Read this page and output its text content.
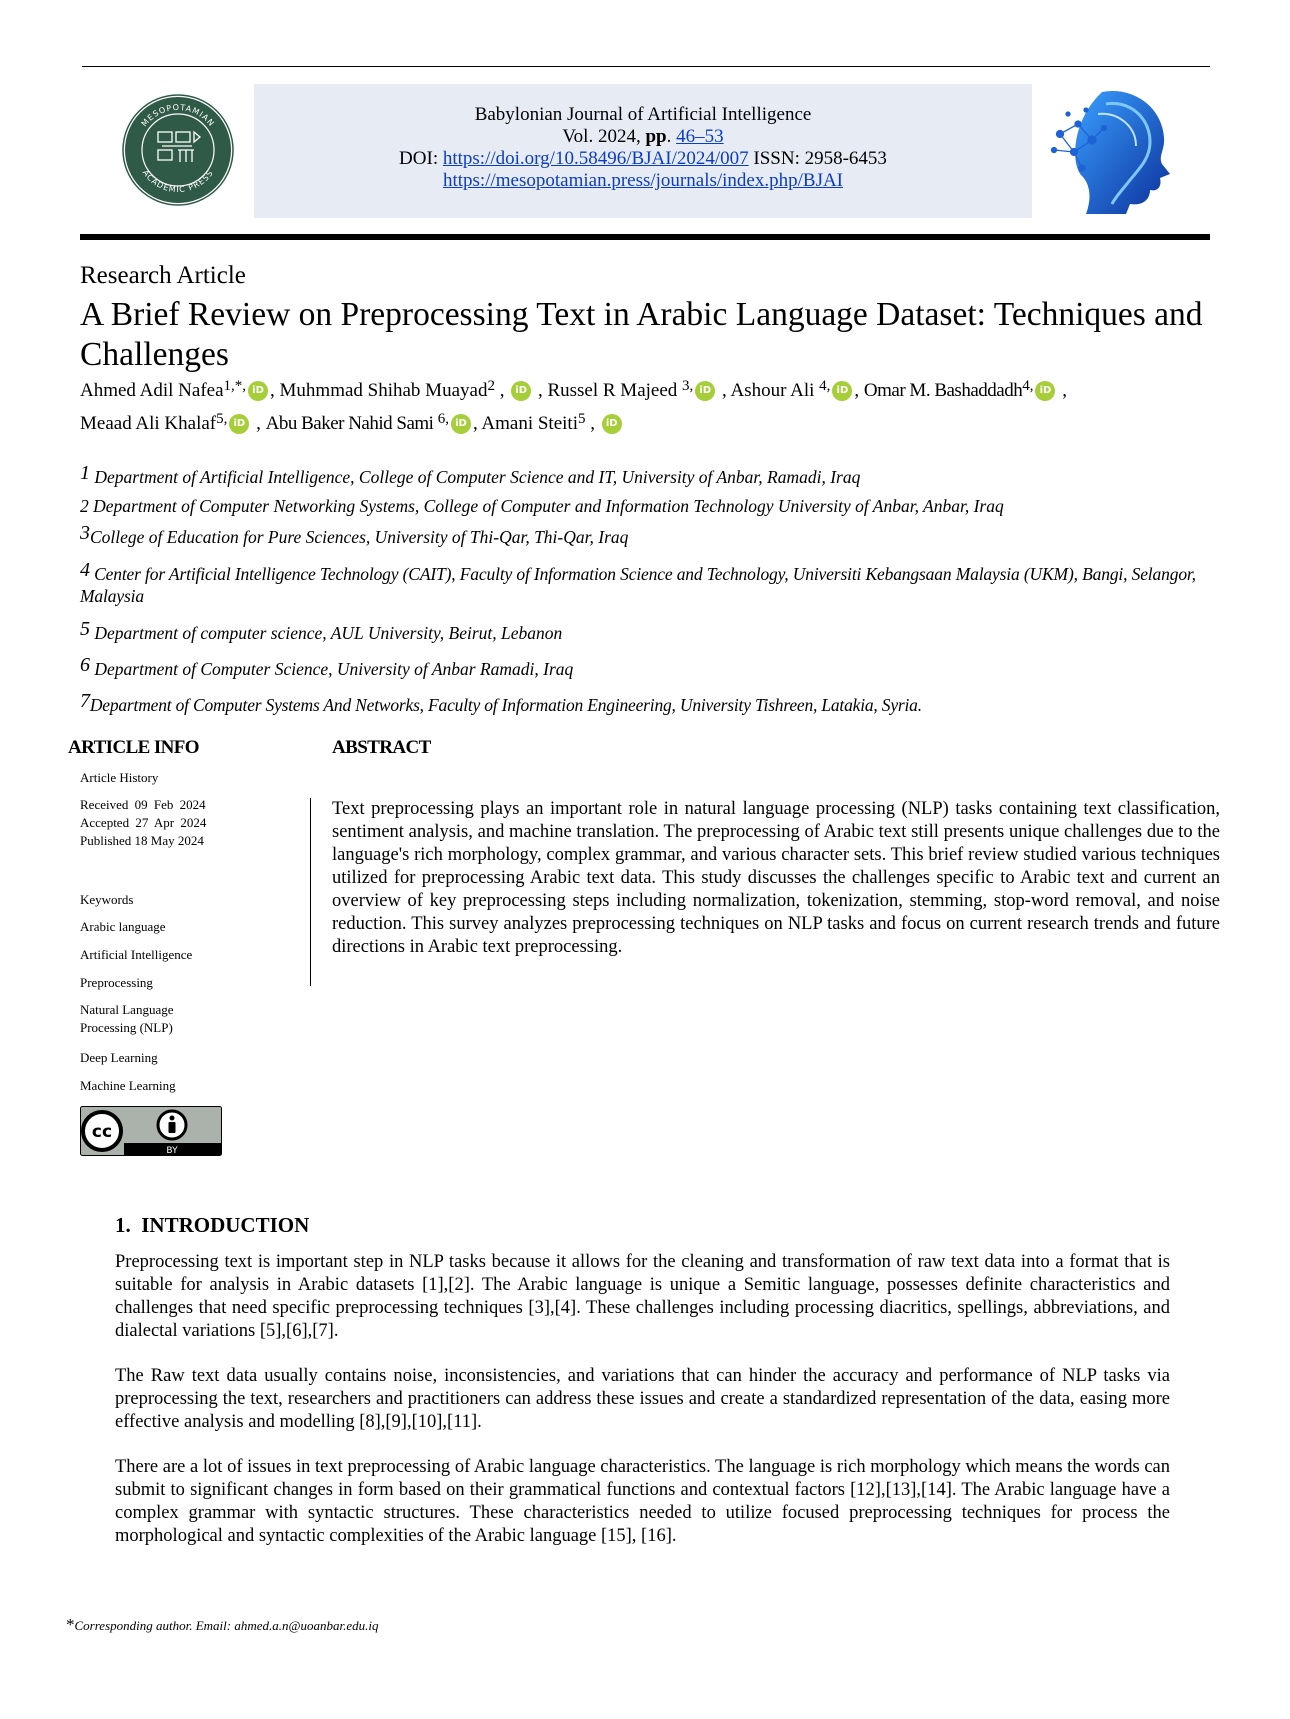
MESOPOTAMIAN
ACADEMIC PRESS
Babylonian Journal of Artificial Intelligence
Vol. 2024, pp. 46–53
DOI: https://doi.org/10.58496/BJAI/2024/007 ISSN: 2958-6453
https://mesopotamian.press/journals/index.php/BJAI
Research Article
A Brief Review on Preprocessing Text in Arabic Language Dataset: Techniques and Challenges
Ahmed Adil Nafea$^{1,*,}$ iD , Muhmmad Shihab Muayad$^2$ , iD , Russel R Majeed $^{3,}$ iD , Ashour Ali $^{4,}$ iD , Omar M. Bashaddadh$^{4,}$ iD ,
Meaad Ali Khalaf$^{5,}$ iD , Abu Baker Nahid Sami $^{6,}$ iD , Amani Steiti$^5$ , iD
$^1$ Department of Artificial Intelligence, College of Computer Science and IT, University of Anbar, Ramadi, Iraq
2 Department of Computer Networking Systems, College of Computer and Information Technology University of Anbar, Anbar, Iraq
$^3$College of Education for Pure Sciences, University of Thi-Qar, Thi-Qar, Iraq
$^4$ Center for Artificial Intelligence Technology (CAIT), Faculty of Information Science and Technology, Universiti Kebangsaan Malaysia (UKM), Bangi, Selangor, Malaysia
$^5$ Department of computer science, AUL University, Beirut, Lebanon
$^6$ Department of Computer Science, University of Anbar Ramadi, Iraq
$^7$Department of Computer Systems And Networks, Faculty of Information Engineering, University Tishreen, Latakia, Syria.
ARTICLE INFO
Article History
Received 09 Feb 2024
Accepted 27 Apr 2024
Published 18 May 2024
Keywords
Arabic language
Artificial Intelligence
Preprocessing
Natural Language Processing (NLP)
Deep Learning
Machine Learning
cc
BY
ABSTRACT
Text preprocessing plays an important role in natural language processing (NLP) tasks containing text classification, sentiment analysis, and machine translation. The preprocessing of Arabic text still presents unique challenges due to the language's rich morphology, complex grammar, and various character sets. This brief review studied various techniques utilized for preprocessing Arabic text data. This study discusses the challenges specific to Arabic text and current an overview of key preprocessing steps including normalization, tokenization, stemming, stop-word removal, and noise reduction. This survey analyzes preprocessing techniques on NLP tasks and focus on current research trends and future directions in Arabic text preprocessing.
1.  INTRODUCTION
Preprocessing text is important step in NLP tasks because it allows for the cleaning and transformation of raw text data into a format that is suitable for analysis in Arabic datasets [1],[2]. The Arabic language is unique a Semitic language, possesses definite characteristics and challenges that need specific preprocessing techniques [3],[4]. These challenges including processing diacritics, spellings, abbreviations, and dialectal variations [5],[6],[7].
The Raw text data usually contains noise, inconsistencies, and variations that can hinder the accuracy and performance of NLP tasks via preprocessing the text, researchers and practitioners can address these issues and create a standardized representation of the data, easing more effective analysis and modelling [8],[9],[10],[11].
There are a lot of issues in text preprocessing of Arabic language characteristics. The language is rich morphology which means the words can submit to significant changes in form based on their grammatical functions and contextual factors [12],[13],[14]. The Arabic language have a complex grammar with syntactic structures. These characteristics needed to utilize focused preprocessing techniques for process the morphological and syntactic complexities of the Arabic language [15], [16].
*Corresponding author. Email: ahmed.a.n@uoanbar.edu.iq
